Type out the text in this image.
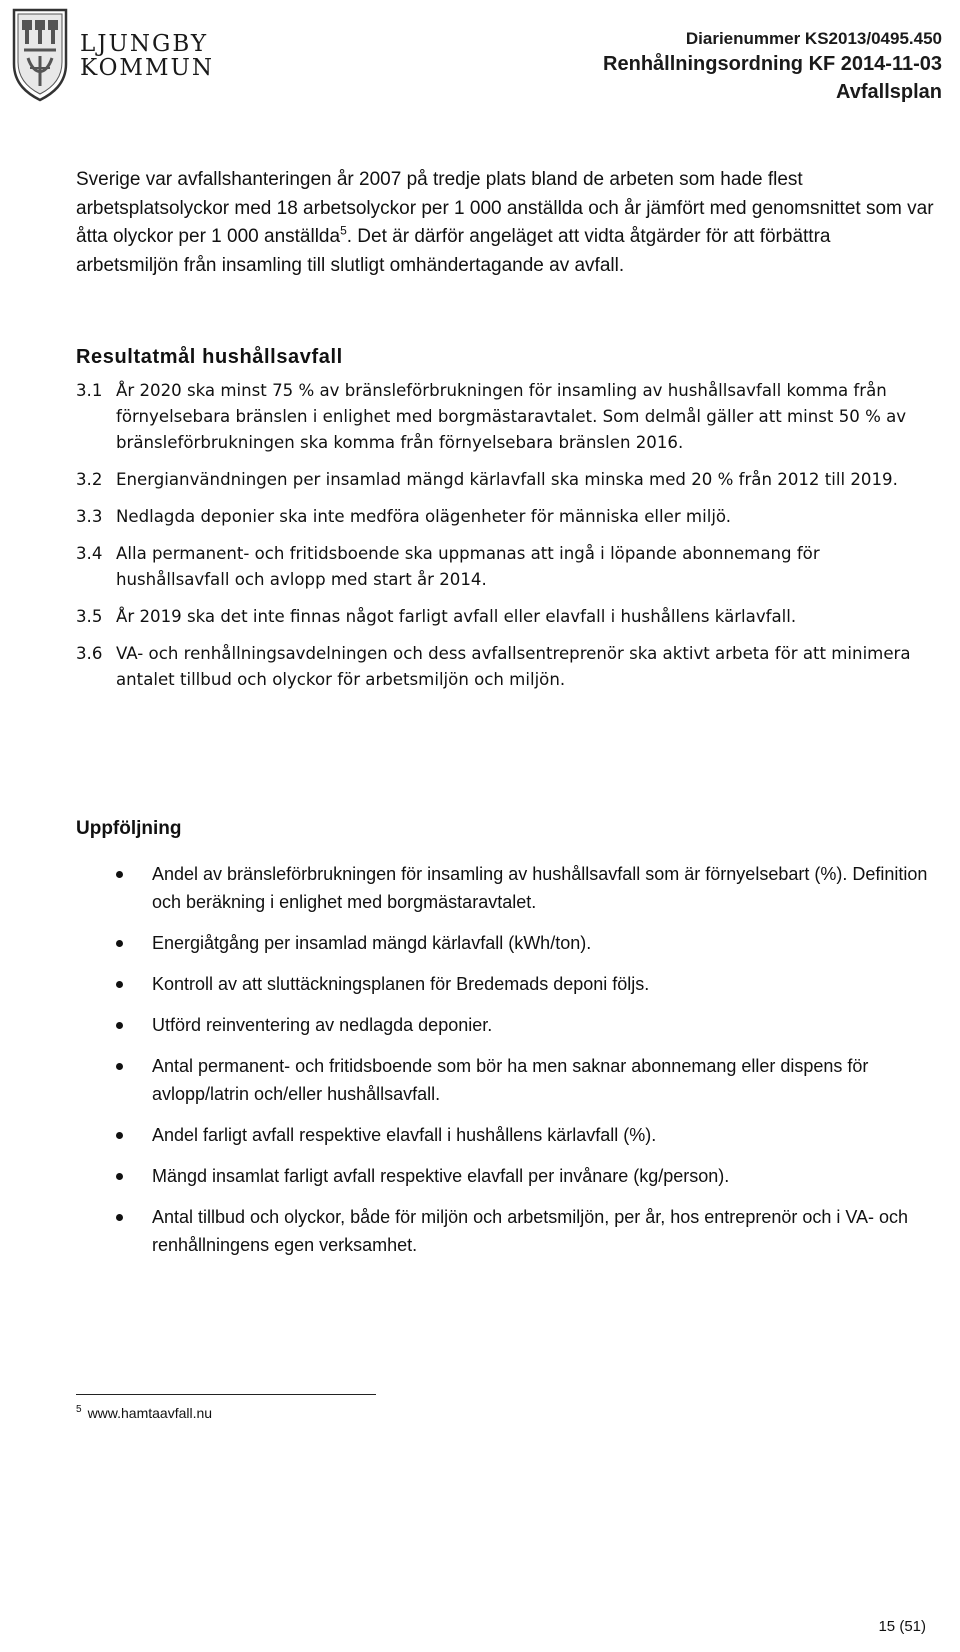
LJUNGBY
KOMMUN
Diarienummer KS2013/0495.450
Renhållningsordning KF 2014-11-03
Avfallsplan

Sverige var avfallshanteringen år 2007 på tredje plats bland de arbeten som hade flest arbetsplatsolyckor med 18 arbetsolyckor per 1 000 anställda och år jämfört med genomsnittet som var åtta olyckor per 1 000 anställda$^5$. Det är därför angeläget att vidta åtgärder för att förbättra arbetsmiljön från insamling till slutligt omhändertagande av avfall.

Resultatmål hushållsavfall
3.1 År 2020 ska minst 75 % av bränsleförbrukningen för insamling av hushållsavfall komma från förnyelsebara bränslen i enlighet med borgmästaravtalet. Som delmål gäller att minst 50 % av bränsleförbrukningen ska komma från förnyelsebara bränslen 2016.
3.2 Energianvändningen per insamlad mängd kärlavfall ska minska med 20 % från 2012 till 2019.
3.3 Nedlagda deponier ska inte medföra olägenheter för människa eller miljö.
3.4 Alla permanent- och fritidsboende ska uppmanas att ingå i löpande abonnemang för hushållsavfall och avlopp med start år 2014.
3.5 År 2019 ska det inte finnas något farligt avfall eller elavfall i hushållens kärlavfall.
3.6 VA- och renhållningsavdelningen och dess avfallsentreprenör ska aktivt arbeta för att minimera antalet tillbud och olyckor för arbetsmiljön och miljön.
Uppföljning
Andel av bränsleförbrukningen för insamling av hushållsavfall som är förnyelsebart (%). Definition och beräkning i enlighet med borgmästaravtalet.
Energiåtgång per insamlad mängd kärlavfall (kWh/ton).
Kontroll av att sluttäckningsplanen för Bredemads deponi följs.
Utförd reinventering av nedlagda deponier.
Antal permanent- och fritidsboende som bör ha men saknar abonnemang eller dispens för avlopp/latrin och/eller hushållsavfall.
Andel farligt avfall respektive elavfall i hushållens kärlavfall (%).
Mängd insamlat farligt avfall respektive elavfall per invånare (kg/person).
Antal tillbud och olyckor, både för miljön och arbetsmiljön, per år, hos entreprenör och i VA- och renhållningens egen verksamhet.
$^5$ www.hamtaavfall.nu
15 (51)
